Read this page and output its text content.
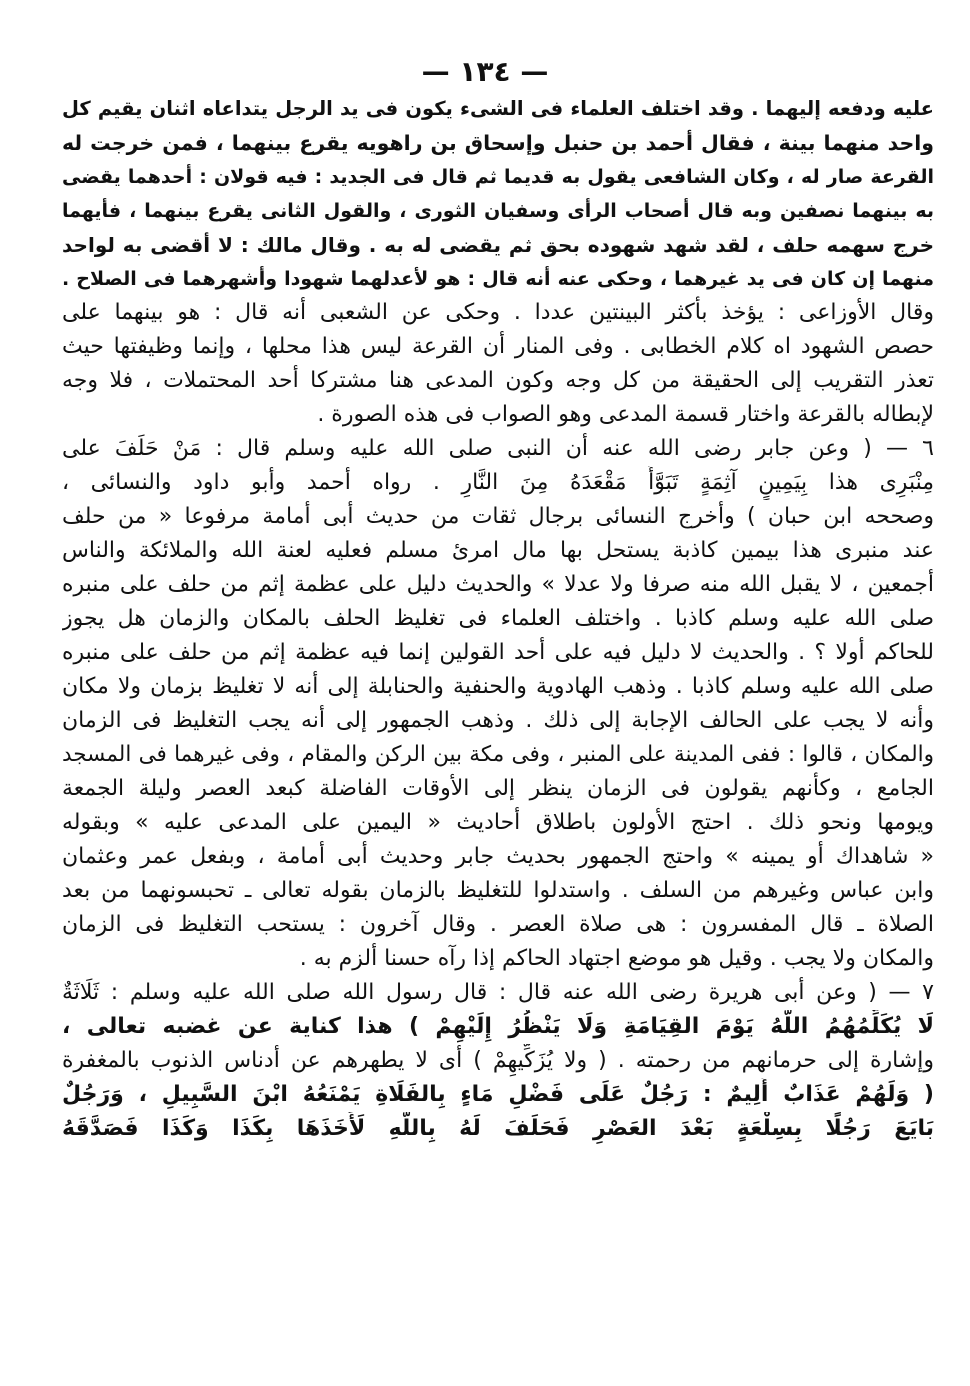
— ١٣٤ —
عليه ودفعه إليهما . وقد اختلف العلماء فى الشىء يكون فى يد الرجل يتداعاه اثنان يقيم كل
واحد منهما بينة ، فقال أحمد بن حنبل وإسحاق بن راهويه يقرع بينهما ، فمن خرجت له
القرعة صار له ، وكان الشافعى يقول به قديما ثم قال فى الجديد : فيه قولان : أحدهما يقضى
به بينهما نصفين وبه قال أصحاب الرأى وسفيان الثورى ، والقول الثانى يقرع بينهما ، فأيهما
خرج سهمه حلف ، لقد شهد شهوده بحق ثم يقضى له به . وقال مالك : لا أقضى به لواحد
منهما إن كان فى يد غيرهما ، وحكى عنه أنه قال : هو لأعدلهما شهودا وأشهرهما فى الصلاح .
وقال الأوزاعى : يؤخذ بأكثر البينتين عددا . وحكى عن الشعبى أنه قال : هو بينهما على
حصص الشهود اه كلام الخطابى . وفى المنار أن القرعة ليس هذا محلها ، وإنما وظيفتها حيث
تعذر التقريب إلى الحقيقة من كل وجه وكون المدعى هنا مشتركا أحد المحتملات ، فلا وجه
لإبطاله بالقرعة واختار قسمة المدعى وهو الصواب فى هذه الصورة .
٦ — ( وعن جابر رضى الله عنه أن النبى صلى الله عليه وسلم قال : مَنْ حَلَفَ على
مِنْبَرِى هذا بِيَمِينٍ آثِمَةٍ تَبَوَّأَ مَقْعَدَهُ مِنَ النَّارِ . رواه أحمد وأبو داود والنسائى ،
وصححه ابن حبان ) وأخرج النسائى برجال ثقات من حديث أبى أمامة مرفوعا « من حلف
عند منبرى هذا بيمين كاذبة يستحل بها مال امرئ مسلم فعليه لعنة الله والملائكة والناس
أجمعين ، لا يقبل الله منه صرفا ولا عدلا » والحديث دليل على عظمة إثم من حلف على منبره
صلى الله عليه وسلم كاذبا . واختلف العلماء فى تغليظ الحلف بالمكان والزمان هل يجوز
للحاكم أولا ؟ . والحديث لا دليل فيه على أحد القولين إنما فيه عظمة إثم من حلف على منبره
صلى الله عليه وسلم كاذبا . وذهب الهادوية والحنفية والحنابلة إلى أنه لا تغليظ بزمان ولا مكان
وأنه لا يجب على الحالف الإجابة إلى ذلك . وذهب الجمهور إلى أنه يجب التغليظ فى الزمان
والمكان ، قالوا : ففى المدينة على المنبر ، وفى مكة بين الركن والمقام ، وفى غيرهما فى المسجد
الجامع ، وكأنهم يقولون فى الزمان ينظر إلى الأوقات الفاضلة كبعد العصر وليلة الجمعة
ويومها ونحو ذلك . احتج الأولون باطلاق أحاديث « اليمين على المدعى عليه » وبقوله
« شاهداك أو يمينه » واحتج الجمهور بحديث جابر وحديث أبى أمامة ، وبفعل عمر وعثمان
وابن عباس وغيرهم من السلف . واستدلوا للتغليظ بالزمان بقوله تعالى ـ تحبسونهما من بعد
الصلاة ـ قال المفسرون : هى صلاة العصر . وقال آخرون : يستحب التغليظ فى الزمان
والمكان ولا يجب . وقيل هو موضع اجتهاد الحاكم إذا رآه حسنا ألزم به .
٧ — ( وعن أبى هريرة رضى الله عنه قال : قال رسول الله صلى الله عليه وسلم : ثَلَاثَةٌ
لَا يُكَلِّمُهُمُ اللَّهُ يَوْمَ القِيَامَةِ وَلَا يَنْظُرُ إِلَيْهِمْ ) هذا كناية عن غضبه تعالى ،
وإشارة إلى حرمانهم من رحمته . ( ولا يُزَكِّيهِمْ ) أى لا يطهرهم عن أدناس الذنوب بالمغفرة
( وَلَهُمْ عَذَابٌ أَلِيمٌ : رَجُلٌ عَلَى فَضْلِ مَاءٍ بِالفَلَاةِ يَمْنَعُهُ ابْنَ السَّبِيلِ ، وَرَجُلٌ
بَايَعَ رَجُلًا بِسِلْعَةٍ بَعْدَ العَصْرِ فَحَلَفَ لَهُ بِاللَّهِ لَأَخَذَهَا بِكَذَا وَكَذَا فَصَدَّقَهُ
